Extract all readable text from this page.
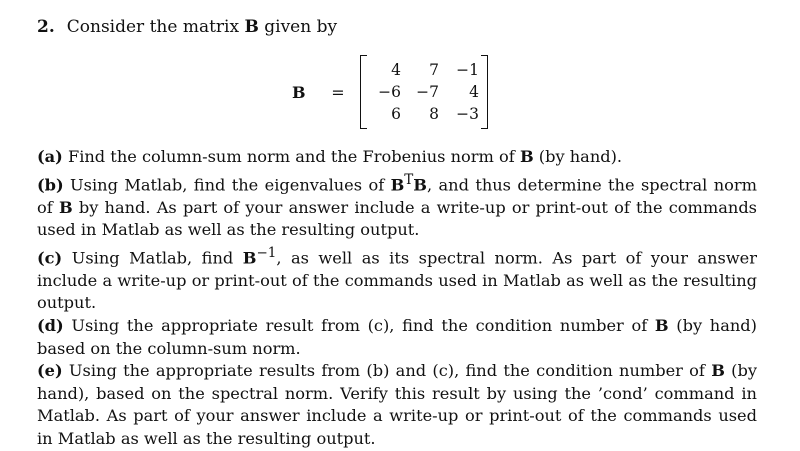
2. Consider the matrix B given by
B	=
4	7	−1
−6 −7	4
6	8	−3

(a) Find the column-sum norm and the Frobenius norm of B (by hand).

(b) Using Matlab, find the eigenvalues of $B^TB$, and thus determine the spectral norm of B by hand. As part of your answer include a write-up or print-out of the commands used in Matlab as well as the resulting output.

(c) Using Matlab, find $B^{-1}$, as well as its spectral norm. As part of your answer include a write-up or print-out of the commands used in Matlab as well as the resulting output.

(d) Using the appropriate result from (c), find the condition number of B (by hand) based on the column-sum norm.

(e) Using the appropriate results from (b) and (c), find the condition number of B (by hand), based on the spectral norm. Verify this result by using the ’cond’ command in Matlab. As part of your answer include a write-up or print-out of the commands used in Matlab as well as the resulting output.
